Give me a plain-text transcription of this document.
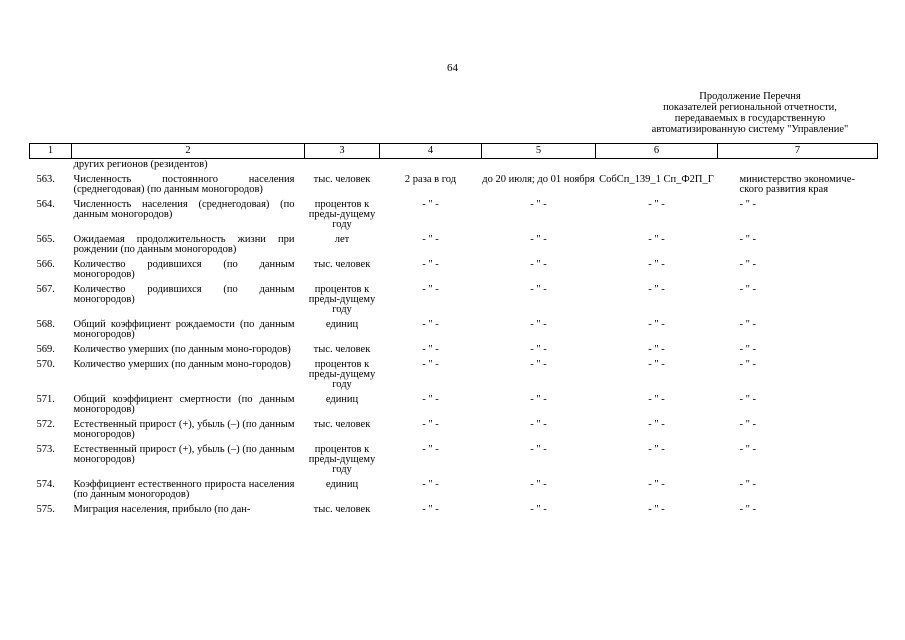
64
Продолжение Перечня
показателей региональной отчетности,
передаваемых в государственную
автоматизированную систему "Управление"
1	2	3	4	5	6	7
	других регионов (резидентов)					
563.	Численность постоянного населения (среднегодовая) (по данным моногородов)	тыс. человек	2 раза в год	до 20 июля; до 01 ноября	СобСп_139_1 Сп_Ф2П_Г	министерство экономиче-ского развития края
564.	Численность населения (среднегодовая) (по данным моногородов)	процентов к преды-дущему году	- " -	- " -	- " -	- " -
565.	Ожидаемая продолжительность жизни при рождении (по данным моногородов)	лет	- " -	- " -	- " -	- " -
566.	Количество родившихся (по данным моногородов)	тыс. человек	- " -	- " -	- " -	- " -
567.	Количество родившихся (по данным моногородов)	процентов к преды-дущему году	- " -	- " -	- " -	- " -
568.	Общий коэффициент рождаемости (по данным моногородов)	единиц	- " -	- " -	- " -	- " -
569.	Количество умерших (по данным моно-городов)	тыс. человек	- " -	- " -	- " -	- " -
570.	Количество умерших (по данным моно-городов)	процентов к преды-дущему году	- " -	- " -	- " -	- " -
571.	Общий коэффициент смертности (по данным моногородов)	единиц	- " -	- " -	- " -	- " -
572.	Естественный прирост (+), убыль (–) (по данным моногородов)	тыс. человек	- " -	- " -	- " -	- " -
573.	Естественный прирост (+), убыль (–) (по данным моногородов)	процентов к преды-дущему году	- " -	- " -	- " -	- " -
574.	Коэффициент естественного прироста населения (по данным моногородов)	единиц	- " -	- " -	- " -	- " -
575.	Миграция населения, прибыло (по дан-	тыс. человек	- " -	- " -	- " -	- " -
